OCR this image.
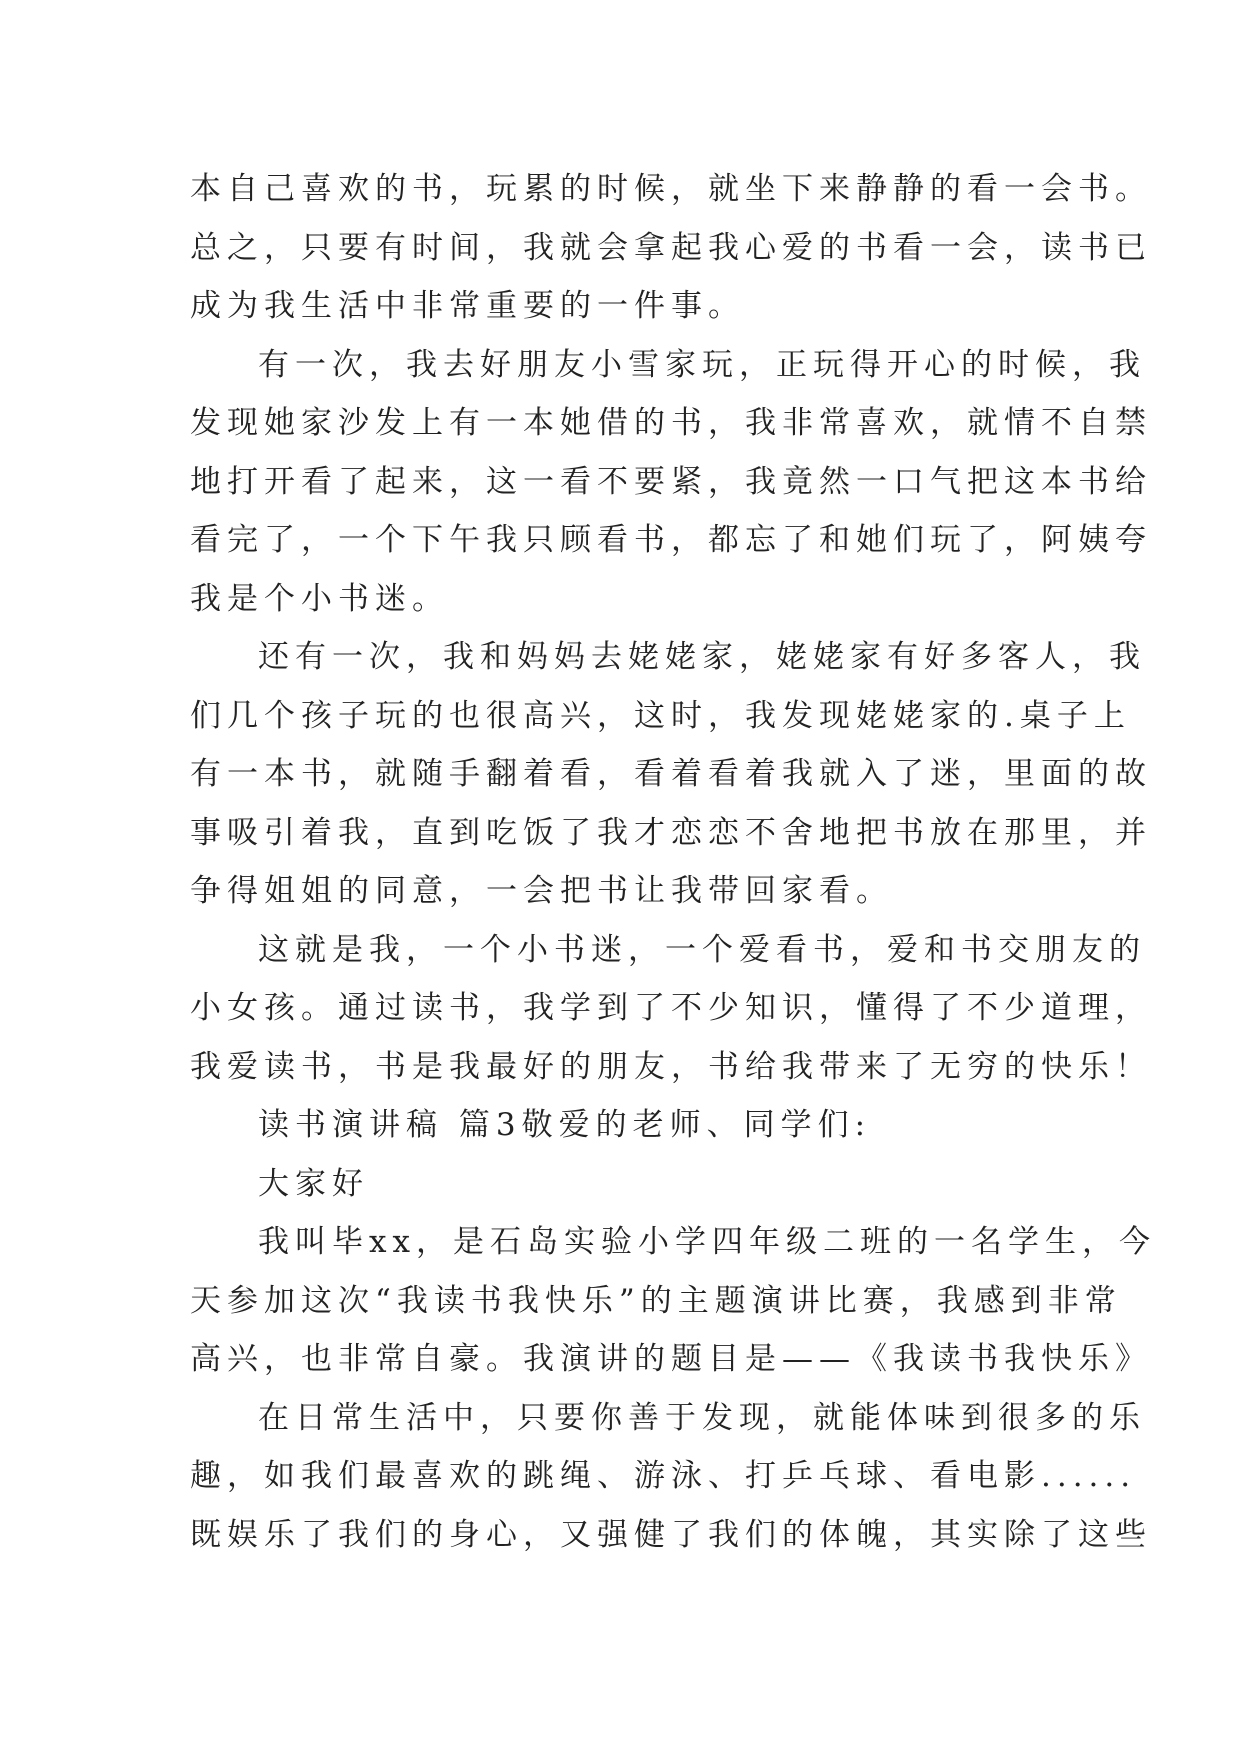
本自己喜欢的书，玩累的时候，就坐下来静静的看一会书。
总之，只要有时间，我就会拿起我心爱的书看一会，读书已
成为我生活中非常重要的一件事。
有一次，我去好朋友小雪家玩，正玩得开心的时候，我
发现她家沙发上有一本她借的书，我非常喜欢，就情不自禁
地打开看了起来，这一看不要紧，我竟然一口气把这本书给
看完了，一个下午我只顾看书，都忘了和她们玩了，阿姨夸
我是个小书迷。
还有一次，我和妈妈去姥姥家，姥姥家有好多客人，我
们几个孩子玩的也很高兴，这时，我发现姥姥家的.桌子上
有一本书，就随手翻着看，看着看着我就入了迷，里面的故
事吸引着我，直到吃饭了我才恋恋不舍地把书放在那里，并
争得姐姐的同意，一会把书让我带回家看。
这就是我，一个小书迷，一个爱看书，爱和书交朋友的
小女孩。通过读书，我学到了不少知识，懂得了不少道理，
我爱读书，书是我最好的朋友，书给我带来了无穷的快乐！
读书演讲稿 篇3敬爱的老师、同学们:
大家好
我叫毕xx，是石岛实验小学四年级二班的一名学生，今
天参加这次“我读书我快乐”的主题演讲比赛，我感到非常
高兴，也非常自豪。我演讲的题目是——《我读书我快乐》
在日常生活中，只要你善于发现，就能体味到很多的乐
趣，如我们最喜欢的跳绳、游泳、打乒乓球、看电影......
既娱乐了我们的身心，又强健了我们的体魄，其实除了这些
